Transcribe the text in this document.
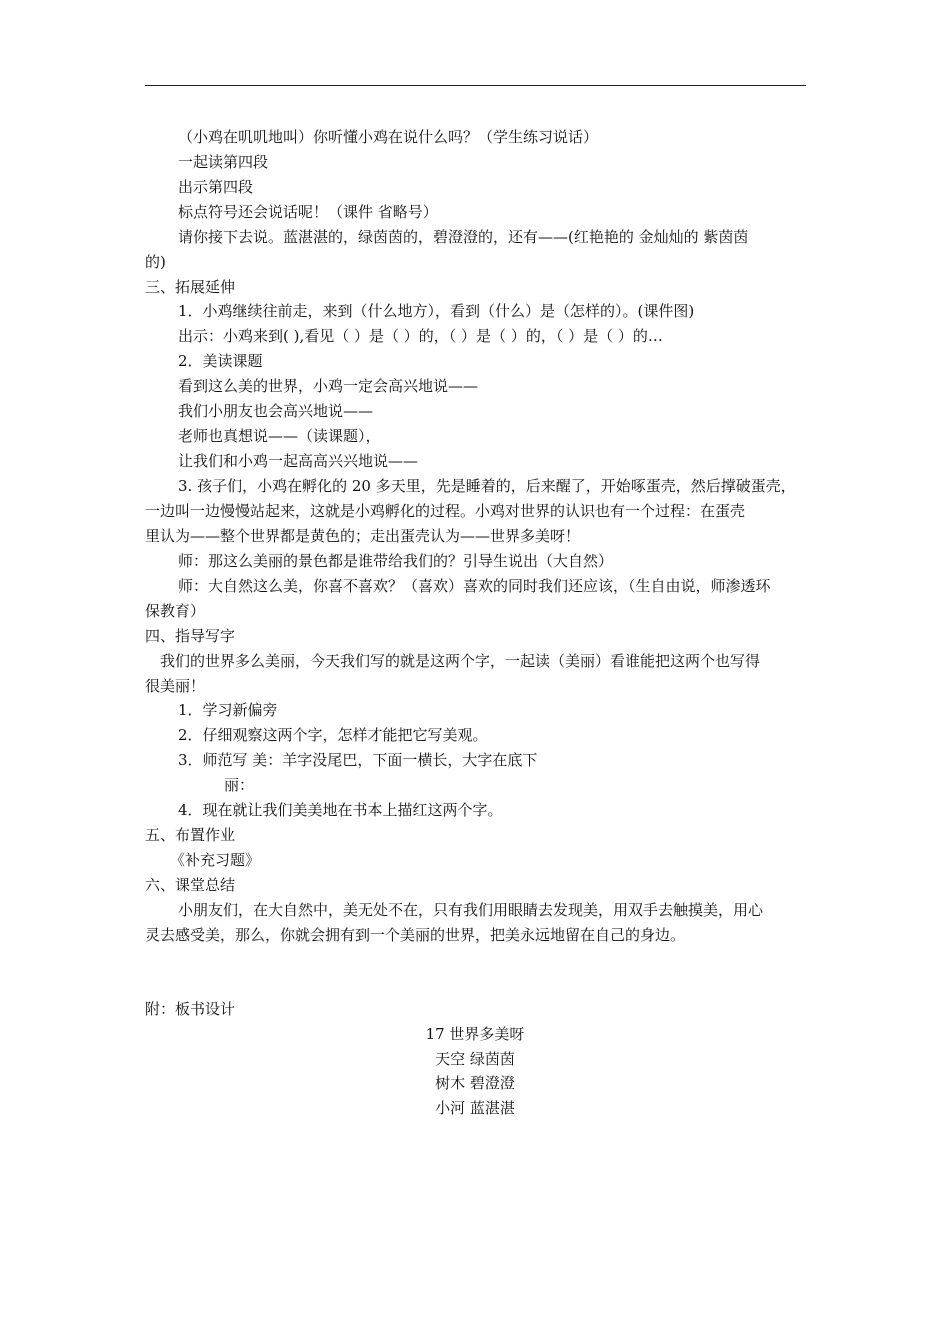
（小鸡在叽叽地叫）你听懂小鸡在说什么吗？（学生练习说话）
一起读第四段
出示第四段
标点符号还会说话呢！（课件 省略号）
请你接下去说。蓝湛湛的，绿茵茵的，碧澄澄的，还有——(红艳艳的 金灿灿的 紫茵茵
的)
三、拓展延伸
1．小鸡继续往前走，来到（什么地方），看到（什么）是（怎样的）。(课件图)
出示：小鸡来到( ),看见（ ）是（ ）的，（ ）是（ ）的，（ ）是（ ）的…
2．美读课题
看到这么美的世界，小鸡一定会高兴地说——
我们小朋友也会高兴地说——
老师也真想说——（读课题），
让我们和小鸡一起高高兴兴地说——
3. 孩子们，小鸡在孵化的 20 多天里，先是睡着的，后来醒了，开始啄蛋壳，然后撑破蛋壳，
一边叫一边慢慢站起来，这就是小鸡孵化的过程。小鸡对世界的认识也有一个过程：在蛋壳
里认为——整个世界都是黄色的；走出蛋壳认为——世界多美呀！
师：那这么美丽的景色都是谁带给我们的？引导生说出（大自然）
师：大自然这么美，你喜不喜欢？（喜欢）喜欢的同时我们还应该，（生自由说，师渗透环
保教育）
四、指导写字
我们的世界多么美丽，今天我们写的就是这两个字，一起读（美丽）看谁能把这两个也写得
很美丽！
1．学习新偏旁
2．仔细观察这两个字，怎样才能把它写美观。
3．师范写 美：羊字没尾巴，下面一横长，大字在底下
丽：
4．现在就让我们美美地在书本上描红这两个字。
五、布置作业
《补充习题》
六、课堂总结
小朋友们，在大自然中，美无处不在，只有我们用眼睛去发现美，用双手去触摸美，用心
灵去感受美，那么，你就会拥有到一个美丽的世界，把美永远地留在自己的身边。
附：板书设计
17 世界多美呀
天空 绿茵茵
树木 碧澄澄
小河 蓝湛湛
